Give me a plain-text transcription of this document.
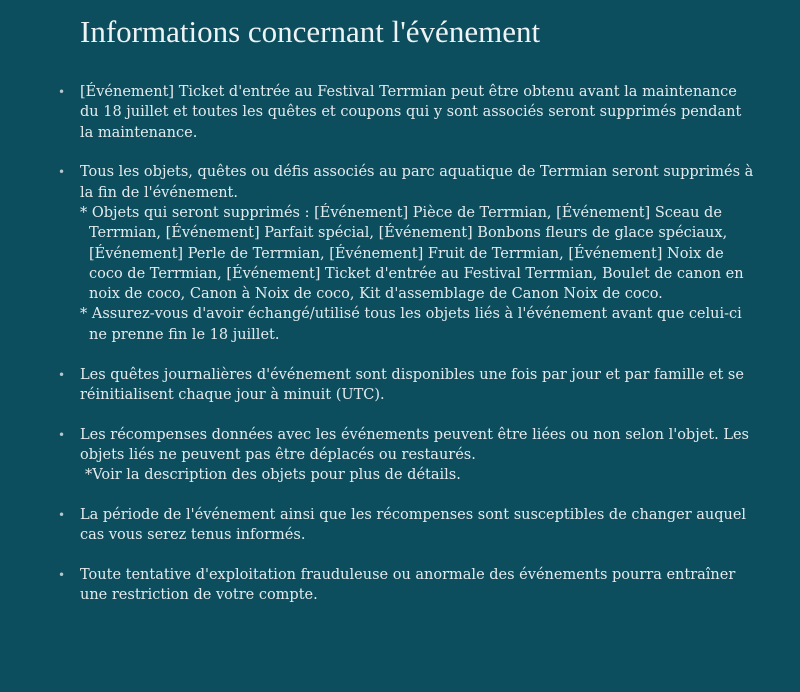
Informations concernant l'événement
• [Événement] Ticket d'entrée au Festival Terrmian peut être obtenu avant la maintenance du 18 juillet et toutes les quêtes et coupons qui y sont associés seront supprimés pendant la maintenance.
• Tous les objets, quêtes ou défis associés au parc aquatique de Terrmian seront supprimés à la fin de l'événement.
* Objets qui seront supprimés : [Événement] Pièce de Terrmian, [Événement] Sceau de Terrmian, [Événement] Parfait spécial, [Événement] Bonbons fleurs de glace spéciaux, [Événement] Perle de Terrmian, [Événement] Fruit de Terrmian, [Événement] Noix de coco de Terrmian, [Événement] Ticket d'entrée au Festival Terrmian, Boulet de canon en noix de coco, Canon à Noix de coco, Kit d'assemblage de Canon Noix de coco.
* Assurez-vous d'avoir échangé/utilisé tous les objets liés à l'événement avant que celui-ci ne prenne fin le 18 juillet.
• Les quêtes journalières d'événement sont disponibles une fois par jour et par famille et se réinitialisent chaque jour à minuit (UTC).
• Les récompenses données avec les événements peuvent être liées ou non selon l'objet. Les objets liés ne peuvent pas être déplacés ou restaurés.
*Voir la description des objets pour plus de détails.
• La période de l'événement ainsi que les récompenses sont susceptibles de changer auquel cas vous serez tenus informés.
• Toute tentative d'exploitation frauduleuse ou anormale des événements pourra entraîner une restriction de votre compte.
